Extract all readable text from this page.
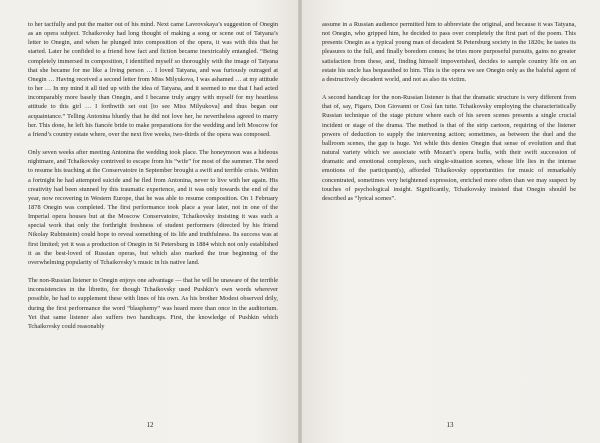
to her tactfully and put the matter out of his mind. Next came Lavrovskaya’s suggestion of Onegin as an opera subject. Tchaikovsky had long thought of making a song or scene out of Tatyana’s letter to Onegin, and when he plunged into composition of the opera, it was with this that he started. Later he confided to a friend how fact and fiction became inextricably entangled. “Being completely immersed in composition, I identified myself so thoroughly with the image of Tatyana that she became for me like a living person … I loved Tatyana, and was furiously outraged at Onegin … Having received a second letter from Miss Milyukova, I was ashamed … at my attitude to her … In my mind it all tied up with the idea of Tatyana, and it seemed to me that I had acted incomparably more basely than Onegin, and I became truly angry with myself for my heartless attitude to this girl … I forthwith set out [to see Miss Milyukova] and thus began our acquaintance.” Telling Antonina bluntly that he did not love her, he nevertheless agreed to marry her. This done, he left his fiancée bride to make preparations for the wedding and left Moscow for a friend’s country estate where, over the next five weeks, two-thirds of the opera was composed.

Only seven weeks after meeting Antonina the wedding took place. The honeymoon was a hideous nightmare, and Tchaikovsky contrived to escape from his “wife” for most of the summer. The need to resume his teaching at the Conservatoire in September brought a swift and terrible crisis. Within a fortnight he had attempted suicide and he fled from Antonina, never to live with her again. His creativity had been stunned by this traumatic experience, and it was only towards the end of the year, now recovering in Western Europe, that he was able to resume composition. On 1 February 1878 Onegin was completed. The first performance took place a year later, not in one of the Imperial opera houses but at the Moscow Conservatoire, Tchaikovsky insisting it was such a special work that only the forthright freshness of student performers (directed by his friend Nikolay Rubinstein) could hope to reveal something of its life and truthfulness. Its success was at first limited; yet it was a production of Onegin in St Petersburg in 1884 which not only established it as the best-loved of Russian operas, but which also marked the true beginning of the overwhelming popularity of Tchaikovsky’s music in his native land.

The non-Russian listener to Onegin enjoys one advantage — that he will be unaware of the terrible inconsistencies in the libretto, for though Tchaikovsky used Pushkin’s own words wherever possible, he had to supplement these with lines of his own. As his brother Modest observed drily, during the first performance the word “blasphemy” was heard more than once in the auditorium. Yet that same listener also suffers two handicaps. First, the knowledge of Pushkin which Tchaikovsky could reasonably

12

assume in a Russian audience permitted him to abbreviate the original, and because it was Tatyana, not Onegin, who gripped him, he decided to pass over completely the first part of the poem. This presents Onegin as a typical young man of decadent St Petersburg society in the 1820s; he tastes its pleasures to the full, and finally boredom comes; he tries more purposeful pursuits, gains no greater satisfaction from these, and, finding himself impoverished, decides to sample country life on an estate his uncle has bequeathed to him. This is the opera we see Onegin only as the baleful agent of a destructively decadent world, and not as also its victim.

A second handicap for the non-Russian listener is that the dramatic structure is very different from that of, say, Figaro, Don Giovanni or Così fan tutte. Tchaikovsky employing the characteristically Russian technique of the stage picture where each of his seven scenes presents a single crucial incident or stage of the drama. The method is that of the strip cartoon, requiring of the listener powers of deduction to supply the intervening action; sometimes, as between the duel and the ballroom scenes, the gap is huge. Yet while this denies Onegin that sense of evolution and that natural variety which we associate with Mozart’s opera buffa, with their swift succession of dramatic and emotional complexes, such single-situation scenes, whose life lies in the intense emotions of the participant(s), afforded Tchaikovsky opportunities for music of remarkably concentrated, sometimes very heightened expression, enriched more often than we may suspect by touches of psychological insight. Significantly, Tchaikovsky insisted that Onegin should be described as “lyrical scenes”.

13
